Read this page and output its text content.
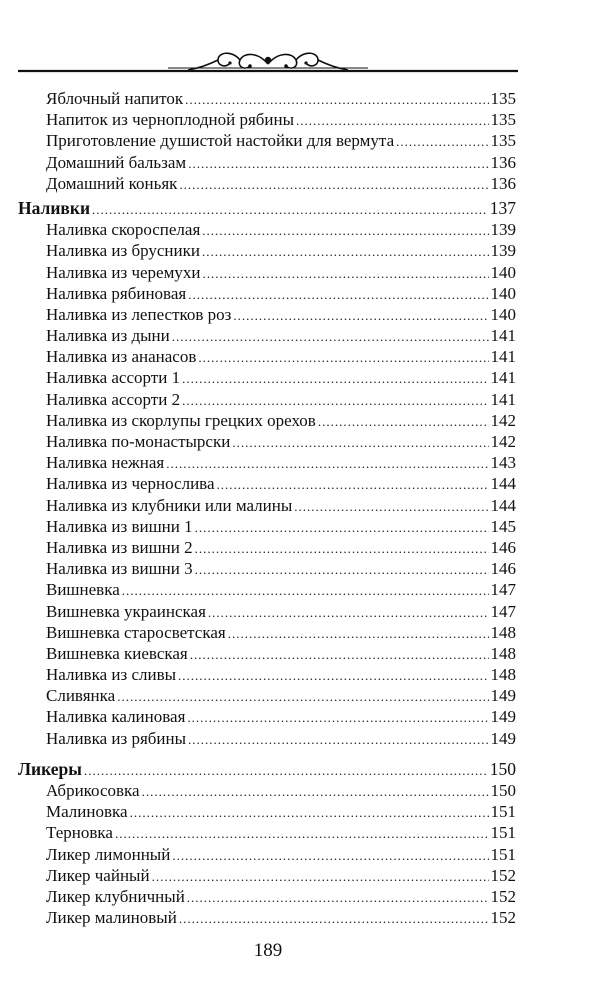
Яблочный напиток .....	135
Напиток из черноплодной рябины .....	135
Приготовление душистой настойки для вермута .....	135
Домашний бальзам .....	136
Домашний коньяк .....	136
Наливки .....	137
Наливка скороспелая .....	139
Наливка из брусники .....	139
Наливка из черемухи .....	140
Наливка рябиновая .....	140
Наливка из лепестков роз .....	140
Наливка из дыни .....	141
Наливка из ананасов .....	141
Наливка ассорти 1 .....	141
Наливка ассорти 2 .....	141
Наливка из скорлупы грецких орехов .....	142
Наливка по-монастырски .....	142
Наливка нежная .....	143
Наливка из чернослива .....	144
Наливка из клубники или малины .....	144
Наливка из вишни 1 .....	145
Наливка из вишни 2 .....	146
Наливка из вишни 3 .....	146
Вишневка .....	147
Вишневка украинская .....	147
Вишневка старосветская .....	148
Вишневка киевская .....	148
Наливка из сливы .....	148
Сливянка .....	149
Наливка калиновая .....	149
Наливка из рябины .....	149
Ликеры .....	150
Абрикосовка .....	150
Малиновка .....	151
Терновка .....	151
Ликер лимонный .....	151
Ликер чайный .....	152
Ликер клубничный .....	152
Ликер малиновый .....	152
189
